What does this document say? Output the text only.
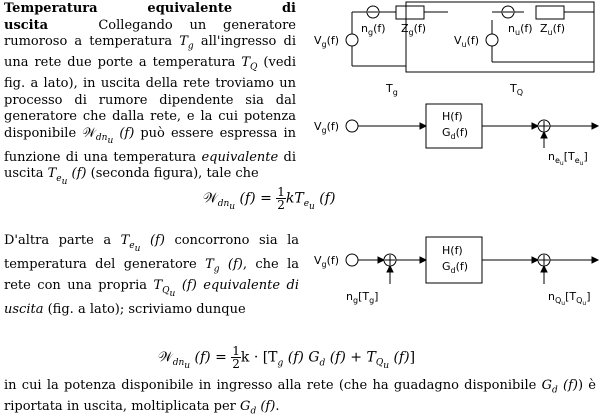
Temperatura equivalente di uscita	Collegando un generatore rumoroso a temperatura $T_g$ all'ingresso di una rete due porte a temperatura $T_Q$ (vedi fig. a lato), in uscita della rete troviamo un processo di rumore dipendente sia dal generatore che dalla rete, e la cui potenza disponibile 𝒲$_{dn_u}$ (f) può essere espressa in funzione di una temperatura equivalente di uscita $T_{e_u}$ (f) (seconda figura), tale che

𝒲$_{dn_u}$ $(f) = \frac{1}{2} kT_{e_u}$ (f)

D'altra parte a $T_{e_u}$ (f) concorrono sia la temperatura del generatore $T_g$ (f), che la rete con una propria $T_{Q_u}$ (f) equivalente di uscita (fig. a lato); scriviamo dunque

𝒲$_{dn_u}$ $(f) = \frac{1}{2}$ $k \cdot [T_g$ (f) $G_d$ $(f) + T_{Q_u}$ (f)]

in cui la potenza disponibile in ingresso alla rete (che ha guadagno disponibile $G_d$ (f)) è riportata in uscita, moltiplicata per $G_d$ (f).

$V_g(f)$
$n_g(f)$ $Z_g(f)$
$V_u(f)$
$n_u(f)$ $Z_u(f)$
$T_g$	$T_Q$
$V_g(f)$
H(f)
$G_d(f)$
$n_eu[T_eu]$
$V_g(f)$
H(f)
$G_d(f)$
$n_g[T_g]$	$n_Qu[T_Qu]$
